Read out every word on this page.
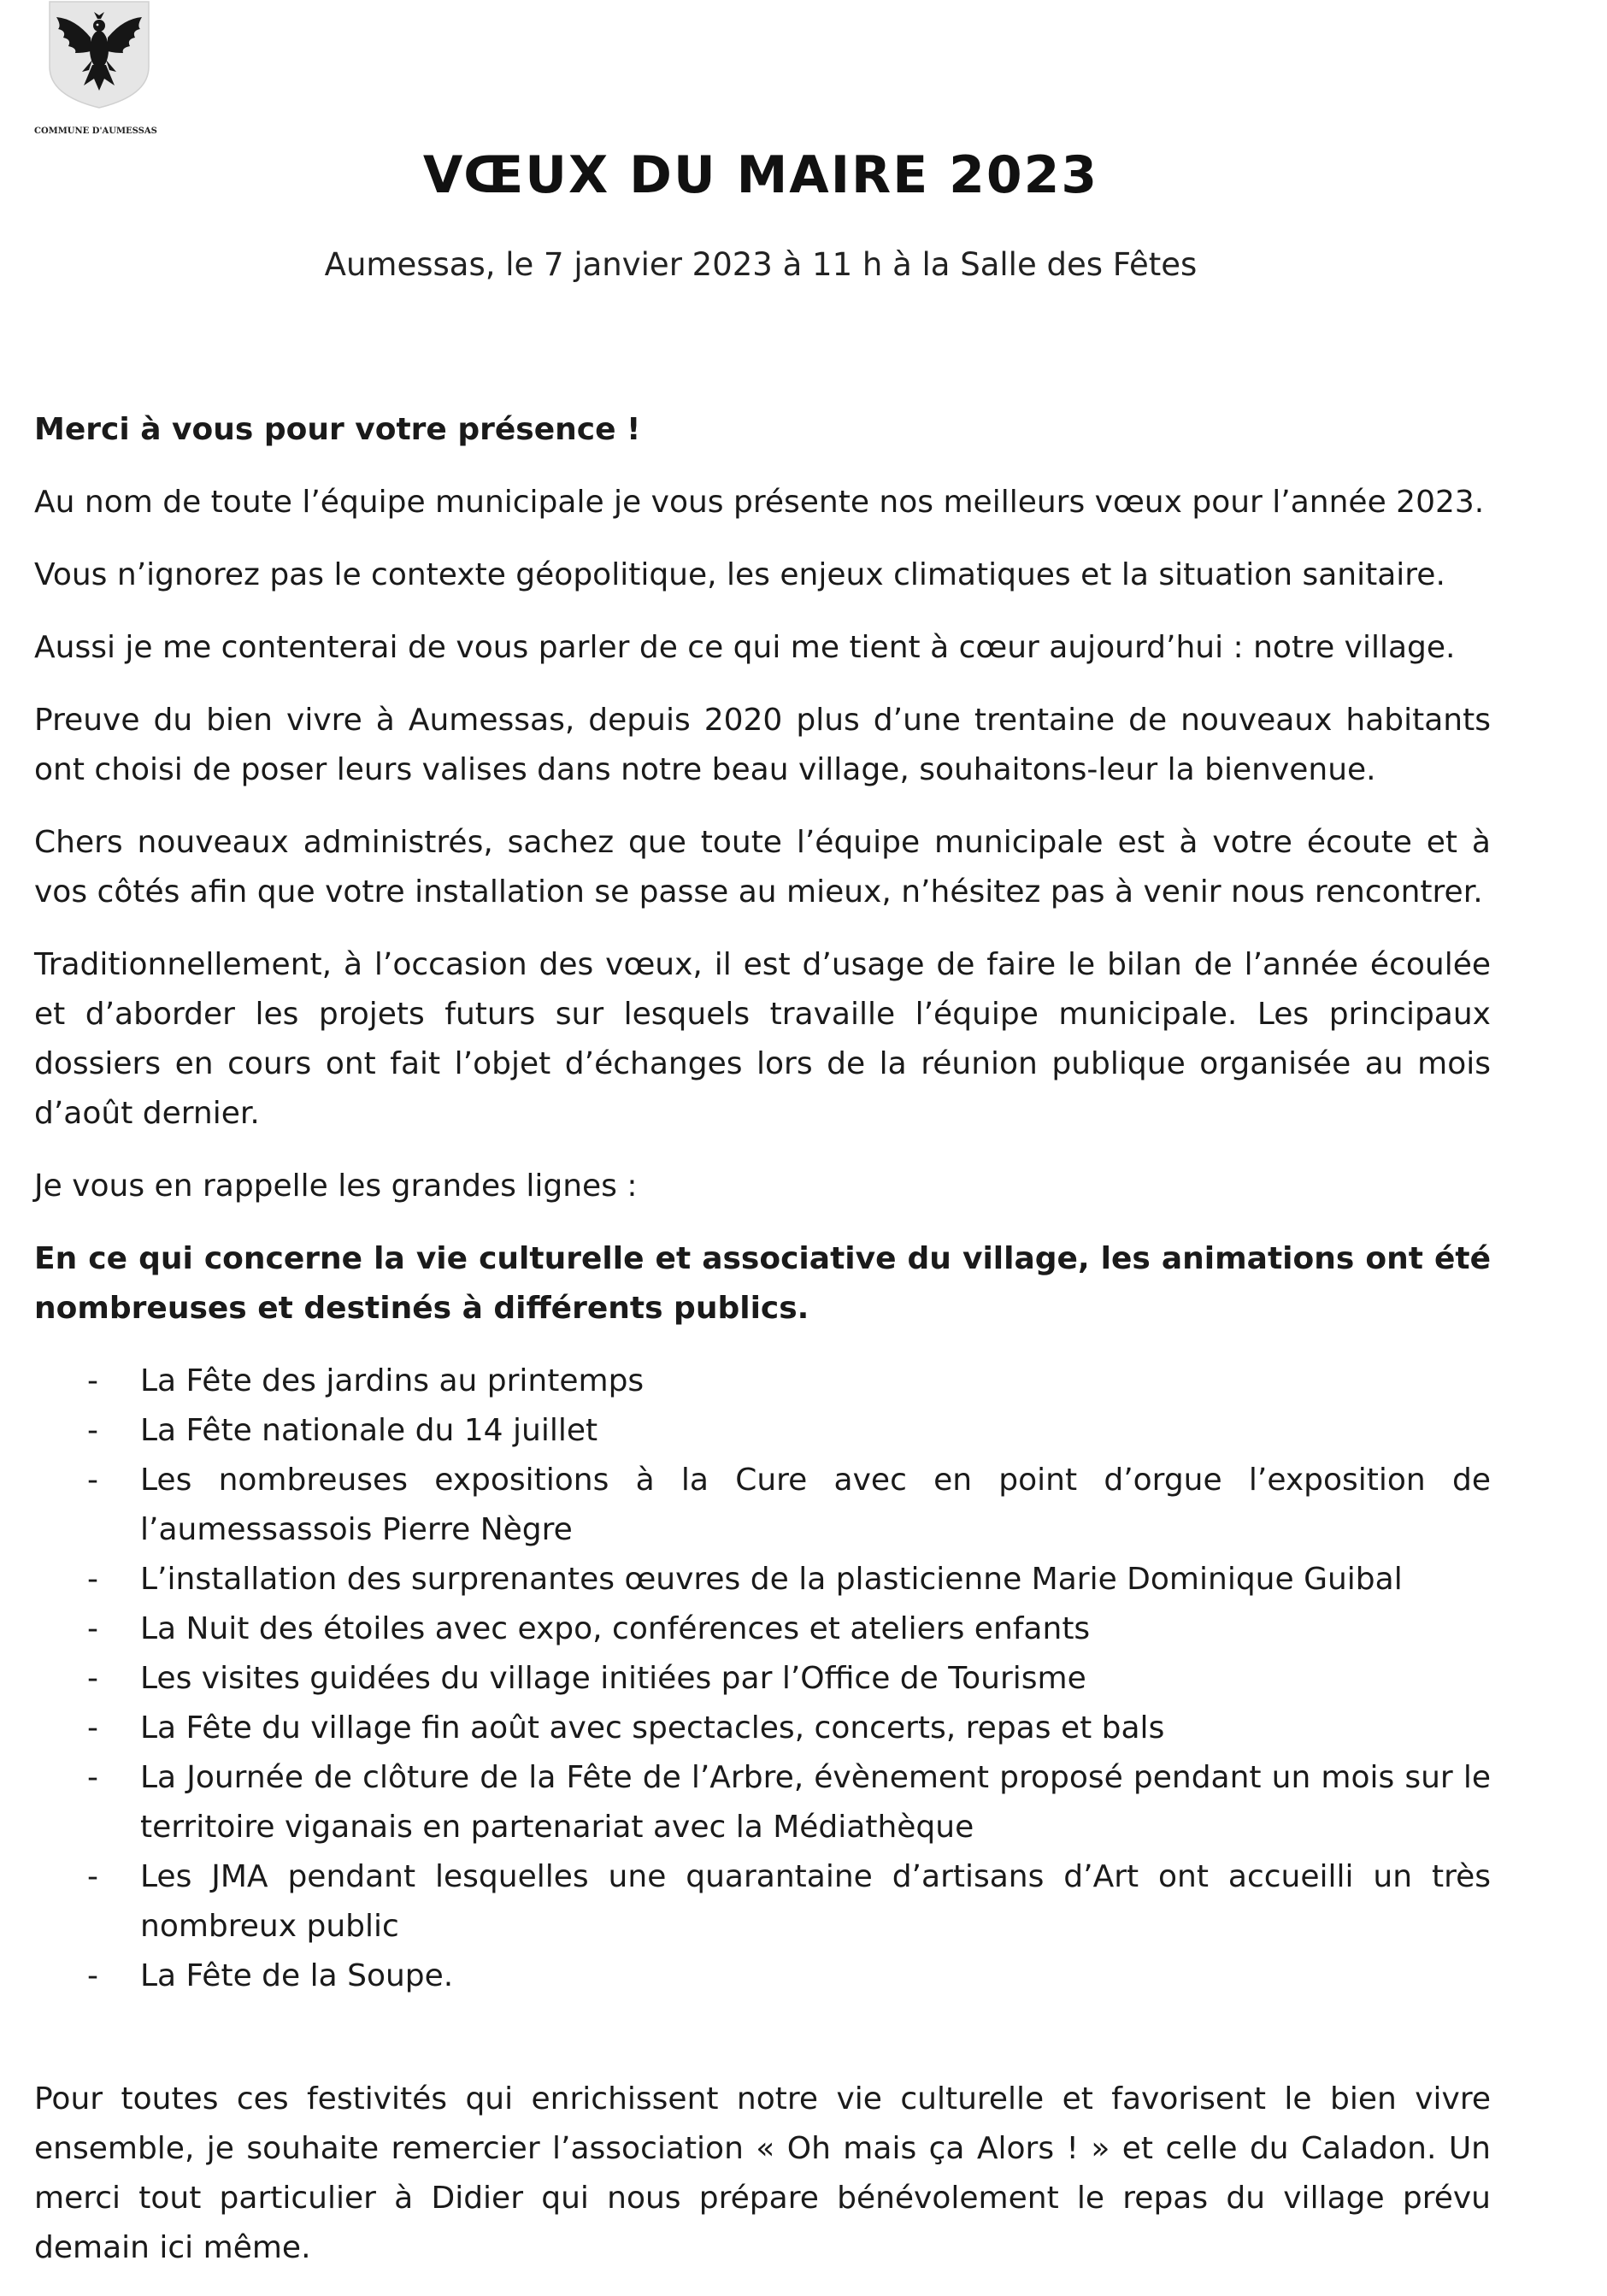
COMMUNE D'AUMESSAS
VŒUX DU MAIRE 2023
Aumessas, le 7 janvier 2023 à 11 h à la Salle des Fêtes

Merci à vous pour votre présence !

Au nom de toute l’équipe municipale je vous présente nos meilleurs vœux pour l’année 2023.

Vous n’ignorez pas le contexte géopolitique, les enjeux climatiques et la situation sanitaire.

Aussi je me contenterai de vous parler de ce qui me tient à cœur aujourd’hui : notre village.

Preuve du bien vivre à Aumessas, depuis 2020 plus d’une trentaine de nouveaux habitants ont choisi de poser leurs valises dans notre beau village, souhaitons-leur la bienvenue.

Chers nouveaux administrés, sachez que toute l’équipe municipale est à votre écoute et à vos côtés afin que votre installation se passe au mieux, n’hésitez pas à venir nous rencontrer.

Traditionnellement, à l’occasion des vœux, il est d’usage de faire le bilan de l’année écoulée et d’aborder les projets futurs sur lesquels travaille l’équipe municipale. Les principaux dossiers en cours ont fait l’objet d’échanges lors de la réunion publique organisée au mois d’août dernier.

Je vous en rappelle les grandes lignes :

En ce qui concerne la vie culturelle et associative du village, les animations ont été nombreuses et destinés à différents publics.

- La Fête des jardins au printemps
- La Fête nationale du 14 juillet
- Les nombreuses expositions à la Cure avec en point d’orgue l’exposition de l’aumessassois Pierre Nègre
- L’installation des surprenantes œuvres de la plasticienne Marie Dominique Guibal
- La Nuit des étoiles avec expo, conférences et ateliers enfants
- Les visites guidées du village initiées par l’Office de Tourisme
- La Fête du village fin août avec spectacles, concerts, repas et bals
- La Journée de clôture de la Fête de l’Arbre, évènement proposé pendant un mois sur le territoire viganais en partenariat avec la Médiathèque
- Les JMA pendant lesquelles une quarantaine d’artisans d’Art ont accueilli un très nombreux public
- La Fête de la Soupe.

Pour toutes ces festivités qui enrichissent notre vie culturelle et favorisent le bien vivre ensemble, je souhaite remercier l’association « Oh mais ça Alors ! » et celle du Caladon. Un merci tout particulier à Didier qui nous prépare bénévolement le repas du village prévu demain ici même.
